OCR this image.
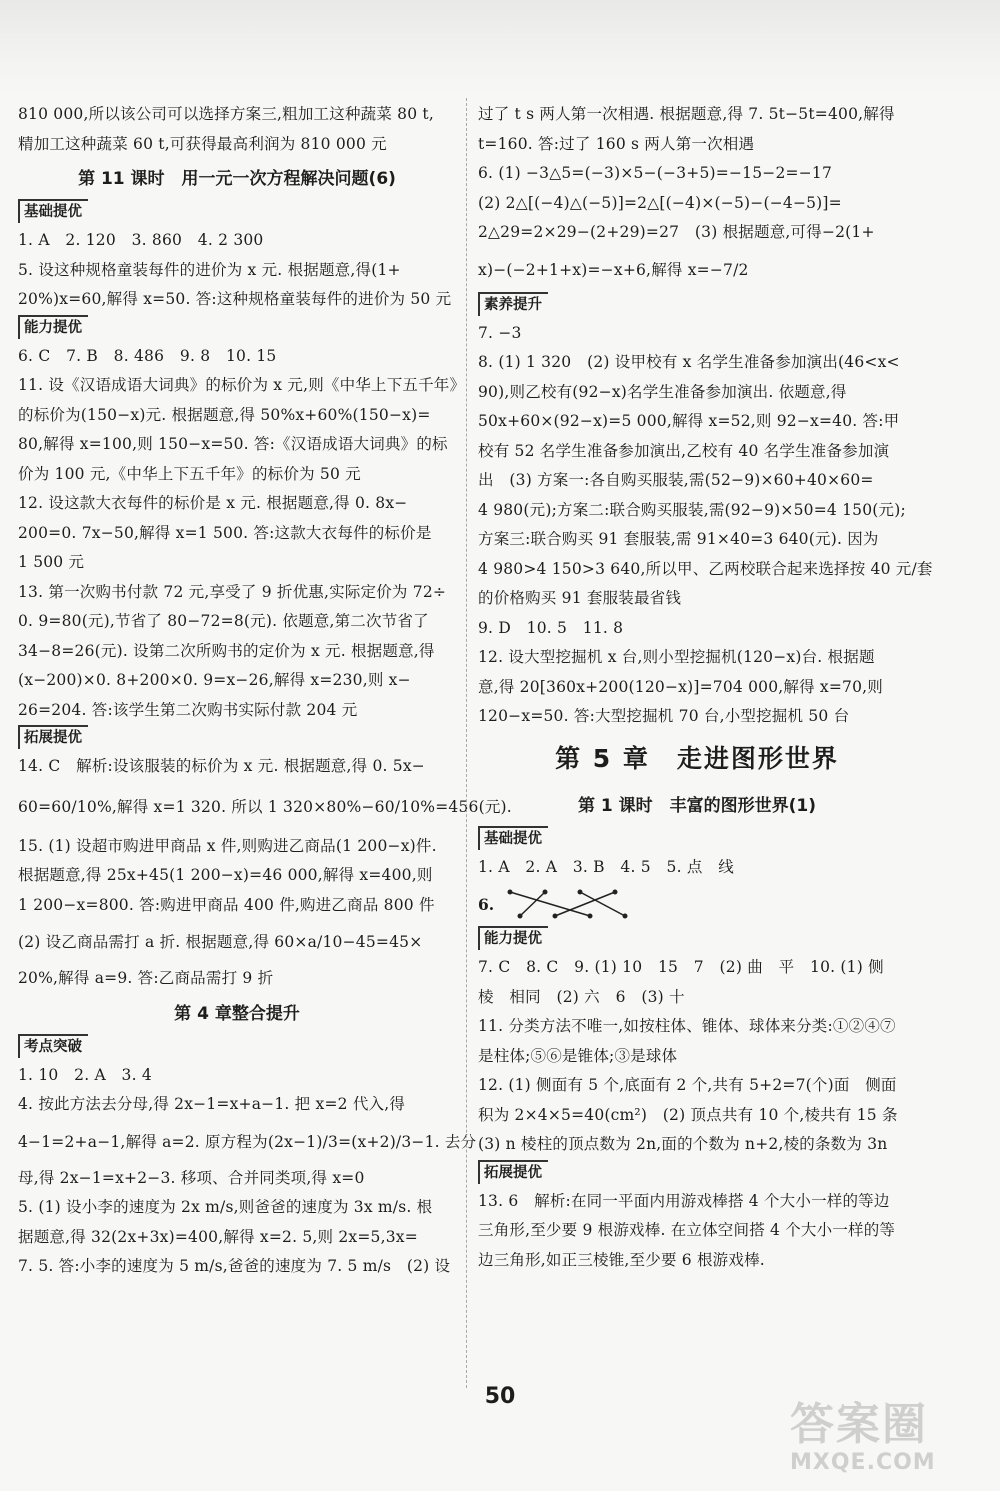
810 000,所以该公司可以选择方案三,粗加工这种蔬菜 80 t,
精加工这种蔬菜 60 t,可获得最高利润为 810 000 元
第 11 课时　用一元一次方程解决问题(6)
基础提优
1. A　2. 120　3. 860　4. 2 300
5. 设这种规格童装每件的进价为 x 元. 根据题意,得(1+
20%)x=60,解得 x=50. 答:这种规格童装每件的进价为 50 元
能力提优
6. C　7. B　8. 486　9. 8　10. 15
11. 设《汉语成语大词典》的标价为 x 元,则《中华上下五千年》
的标价为(150−x)元. 根据题意,得 50%x+60%(150−x)=
80,解得 x=100,则 150−x=50. 答:《汉语成语大词典》的标
价为 100 元,《中华上下五千年》的标价为 50 元
12. 设这款大衣每件的标价是 x 元. 根据题意,得 0. 8x−
200=0. 7x−50,解得 x=1 500. 答:这款大衣每件的标价是
1 500 元
13. 第一次购书付款 72 元,享受了 9 折优惠,实际定价为 72÷
0. 9=80(元),节省了 80−72=8(元). 依题意,第二次节省了
34−8=26(元). 设第二次所购书的定价为 x 元. 根据题意,得
(x−200)×0. 8+200×0. 9=x−26,解得 x=230,则 x−
26=204. 答:该学生第二次购书实际付款 204 元
拓展提优
14. C　解析:设该服装的标价为 x 元. 根据题意,得 0. 5x−
60=60/10%,解得 x=1 320. 所以 1 320×80%−60/10%=456(元).
15. (1) 设超市购进甲商品 x 件,则购进乙商品(1 200−x)件.
根据题意,得 25x+45(1 200−x)=46 000,解得 x=400,则
1 200−x=800. 答:购进甲商品 400 件,购进乙商品 800 件
(2) 设乙商品需打 a 折. 根据题意,得 60×a/10−45=45×
20%,解得 a=9. 答:乙商品需打 9 折
第 4 章整合提升
考点突破
1. 10　2. A　3. 4
4. 按此方法去分母,得 2x−1=x+a−1. 把 x=2 代入,得
4−1=2+a−1,解得 a=2. 原方程为(2x−1)/3=(x+2)/3−1. 去分
母,得 2x−1=x+2−3. 移项、合并同类项,得 x=0
5. (1) 设小李的速度为 2x m/s,则爸爸的速度为 3x m/s. 根
据题意,得 32(2x+3x)=400,解得 x=2. 5,则 2x=5,3x=
7. 5. 答:小李的速度为 5 m/s,爸爸的速度为 7. 5 m/s　(2) 设
过了 t s 两人第一次相遇. 根据题意,得 7. 5t−5t=400,解得
t=160. 答:过了 160 s 两人第一次相遇
6. (1) −3△5=(−3)×5−(−3+5)=−15−2=−17
(2) 2△[(−4)△(−5)]=2△[(−4)×(−5)−(−4−5)]=
2△29=2×29−(2+29)=27　(3) 根据题意,可得−2(1+
x)−(−2+1+x)=−x+6,解得 x=−7/2
素养提升
7. −3
8. (1) 1 320　(2) 设甲校有 x 名学生准备参加演出(46<x<
90),则乙校有(92−x)名学生准备参加演出. 依题意,得
50x+60×(92−x)=5 000,解得 x=52,则 92−x=40. 答:甲
校有 52 名学生准备参加演出,乙校有 40 名学生准备参加演
出　(3) 方案一:各自购买服装,需(52−9)×60+40×60=
4 980(元);方案二:联合购买服装,需(92−9)×50=4 150(元);
方案三:联合购买 91 套服装,需 91×40=3 640(元). 因为
4 980>4 150>3 640,所以甲、乙两校联合起来选择按 40 元/套
的价格购买 91 套服装最省钱
9. D　10. 5　11. 8
12. 设大型挖掘机 x 台,则小型挖掘机(120−x)台. 根据题
意,得 20[360x+200(120−x)]=704 000,解得 x=70,则
120−x=50. 答:大型挖掘机 70 台,小型挖掘机 50 台
第 5 章　走进图形世界
第 1 课时　丰富的图形世界(1)
基础提优
1. A　2. A　3. B　4. 5　5. 点　线
6.
能力提优
7. C　8. C　9. (1) 10　15　7　(2) 曲　平　10. (1) 侧
棱　相同　(2) 六　6　(3) 十
11. 分类方法不唯一,如按柱体、锥体、球体来分类:①②④⑦
是柱体;⑤⑥是锥体;③是球体
12. (1) 侧面有 5 个,底面有 2 个,共有 5+2=7(个)面　侧面
积为 2×4×5=40(cm²)　(2) 顶点共有 10 个,棱共有 15 条
(3) n 棱柱的顶点数为 2n,面的个数为 n+2,棱的条数为 3n
拓展提优
13. 6　解析:在同一平面内用游戏棒搭 4 个大小一样的等边
三角形,至少要 9 根游戏棒. 在立体空间搭 4 个大小一样的等
边三角形,如正三棱锥,至少要 6 根游戏棒.
50
答案圈
MXQE.COM
